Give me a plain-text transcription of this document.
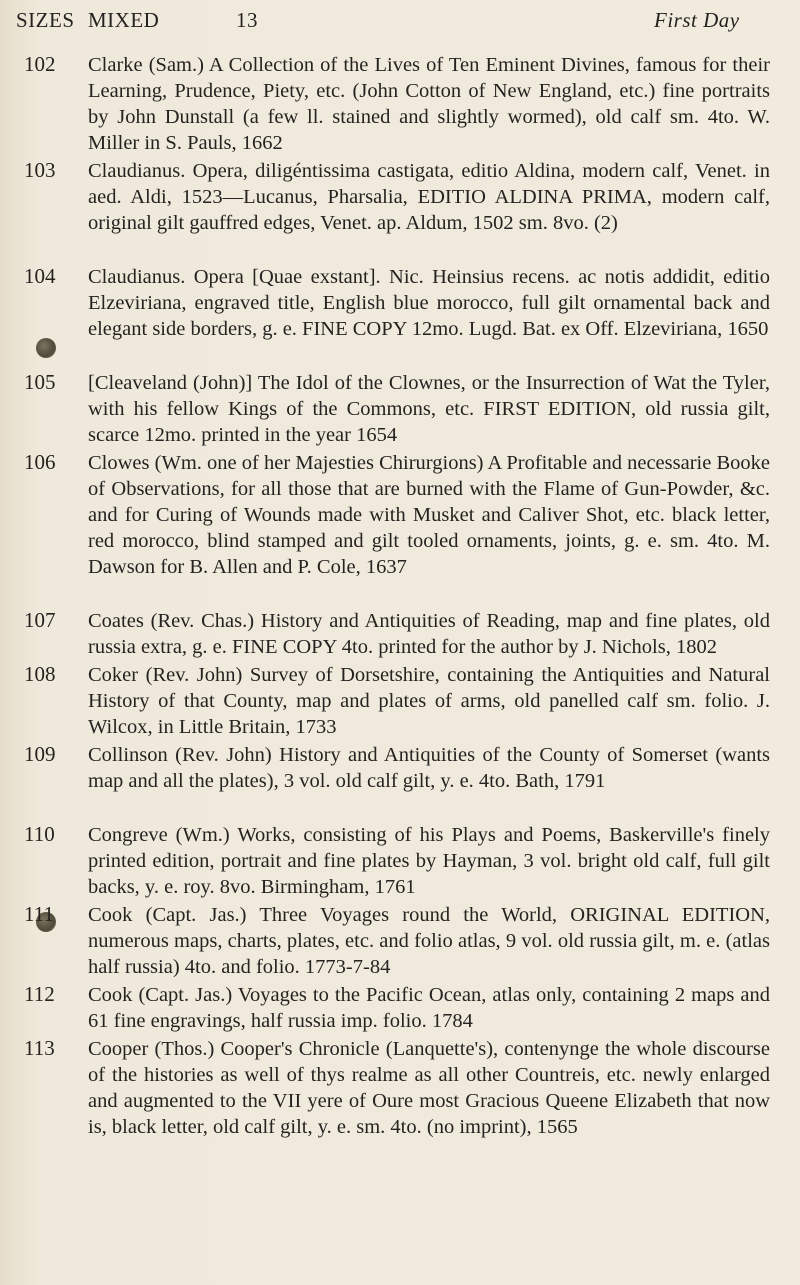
SIZES MIXED	13	First Day
102 Clarke (Sam.) A Collection of the Lives of Ten Eminent Divines, famous for their Learning, Prudence, Piety, etc. (John Cotton of New England, etc.) fine portraits by John Dunstall (a few ll. stained and slightly wormed), old calf sm. 4to. W. Miller in S. Pauls, 1662
103 Claudianus. Opera, diligéntissima castigata, editio Aldina, modern calf, Venet. in aed. Aldi, 1523—Lucanus, Pharsalia, EDITIO ALDINA PRIMA, modern calf, original gilt gauffred edges, Venet. ap. Aldum, 1502 sm. 8vo. (2)
104 Claudianus. Opera [Quae exstant]. Nic. Heinsius recens. ac notis addidit, editio Elzeviriana, engraved title, English blue morocco, full gilt ornamental back and elegant side borders, g. e. FINE COPY 12mo. Lugd. Bat. ex Off. Elzeviriana, 1650
105 [Cleaveland (John)] The Idol of the Clownes, or the Insurrection of Wat the Tyler, with his fellow Kings of the Commons, etc. FIRST EDITION, old russia gilt, scarce 12mo. printed in the year 1654
106 Clowes (Wm. one of her Majesties Chirurgions) A Profitable and necessarie Booke of Observations, for all those that are burned with the Flame of Gun-Powder, &c. and for Curing of Wounds made with Musket and Caliver Shot, etc. black letter, red morocco, blind stamped and gilt tooled ornaments, joints, g. e. sm. 4to. M. Dawson for B. Allen and P. Cole, 1637
107 Coates (Rev. Chas.) History and Antiquities of Reading, map and fine plates, old russia extra, g. e. FINE COPY 4to. printed for the author by J. Nichols, 1802
108 Coker (Rev. John) Survey of Dorsetshire, containing the Antiquities and Natural History of that County, map and plates of arms, old panelled calf sm. folio. J. Wilcox, in Little Britain, 1733
109 Collinson (Rev. John) History and Antiquities of the County of Somerset (wants map and all the plates), 3 vol. old calf gilt, y. e. 4to. Bath, 1791
110 Congreve (Wm.) Works, consisting of his Plays and Poems, Baskerville's finely printed edition, portrait and fine plates by Hayman, 3 vol. bright old calf, full gilt backs, y. e. roy. 8vo. Birmingham, 1761
111 Cook (Capt. Jas.) Three Voyages round the World, ORIGINAL EDITION, numerous maps, charts, plates, etc. and folio atlas, 9 vol. old russia gilt, m. e. (atlas half russia) 4to. and folio. 1773-7-84
112 Cook (Capt. Jas.) Voyages to the Pacific Ocean, atlas only, containing 2 maps and 61 fine engravings, half russia imp. folio. 1784
113 Cooper (Thos.) Cooper's Chronicle (Lanquette's), contenynge the whole discourse of the histories as well of thys realme as all other Countreis, etc. newly enlarged and augmented to the VII yere of Oure most Gracious Queene Elizabeth that now is, black letter, old calf gilt, y. e. sm. 4to. (no imprint), 1565
